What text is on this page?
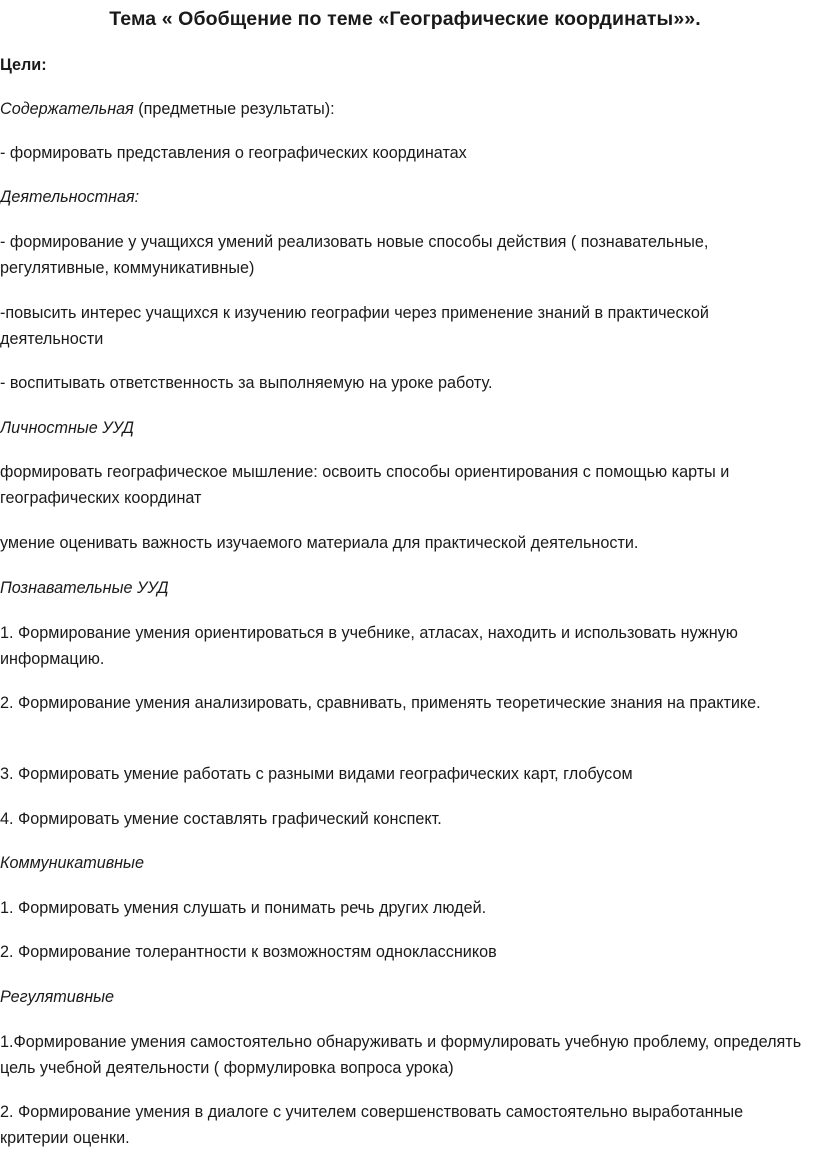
Тема « Обобщение по теме «Географические координаты»».

Цели:

Содержательная (предметные результаты):

- формировать представления о географических координатах

Деятельностная:

- формирование у учащихся умений реализовать новые способы действия ( познавательные, регулятивные, коммуникативные)

-повысить интерес учащихся к изучению географии через применение знаний в практической деятельности

- воспитывать ответственность за выполняемую на уроке работу.

Личностные УУД

формировать географическое мышление: освоить способы ориентирования с помощью карты и географических координат

умение оценивать важность изучаемого материала для практической деятельности.

Познавательные УУД

1. Формирование умения ориентироваться в учебнике, атласах, находить и использовать нужную информацию.

2. Формирование умения анализировать, сравнивать, применять теоретические знания на практике.

3. Формировать умение работать с разными видами географических карт, глобусом

4. Формировать умение составлять графический конспект.

Коммуникативные

1. Формировать умения слушать и понимать речь других людей.

2. Формирование толерантности к возможностям одноклассников

Регулятивные

1.Формирование умения самостоятельно обнаруживать и формулировать учебную проблему, определять цель учебной деятельности ( формулировка вопроса урока)

2. Формирование умения в диалоге с учителем совершенствовать самостоятельно выработанные критерии оценки.
